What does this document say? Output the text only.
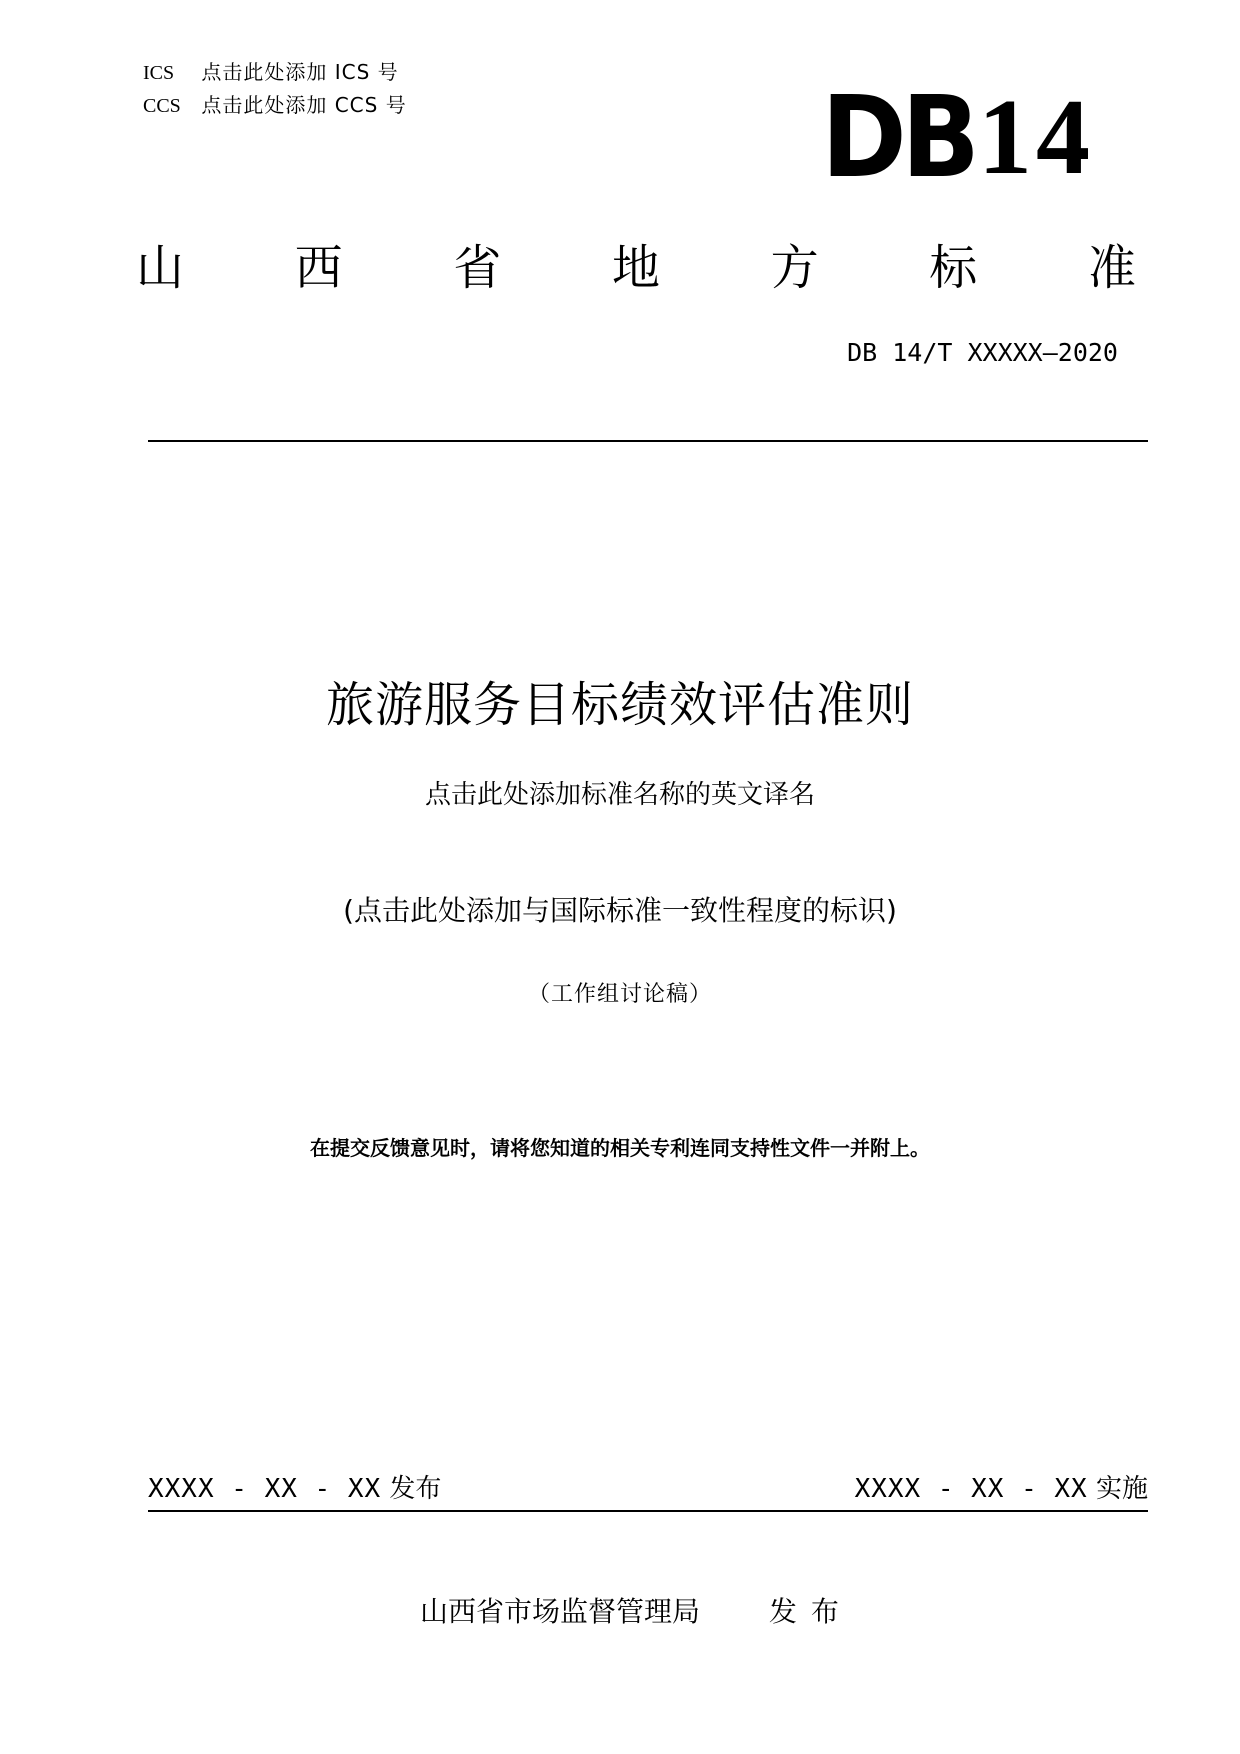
ICS 点击此处添加 ICS 号
CCS 点击此处添加 CCS 号	DB 14
山 西 省 地 方 标 准
DB 14/T XXXXX—2020
旅游服务目标绩效评估准则
点击此处添加标准名称的英文译名
(点击此处添加与国际标准一致性程度的标识)
（工作组讨论稿）
在提交反馈意见时，请将您知道的相关专利连同支持性文件一并附上。
XXXX - XX - XX 发布	XXXX - XX - XX 实施
山西省市场监督管理局 发布
